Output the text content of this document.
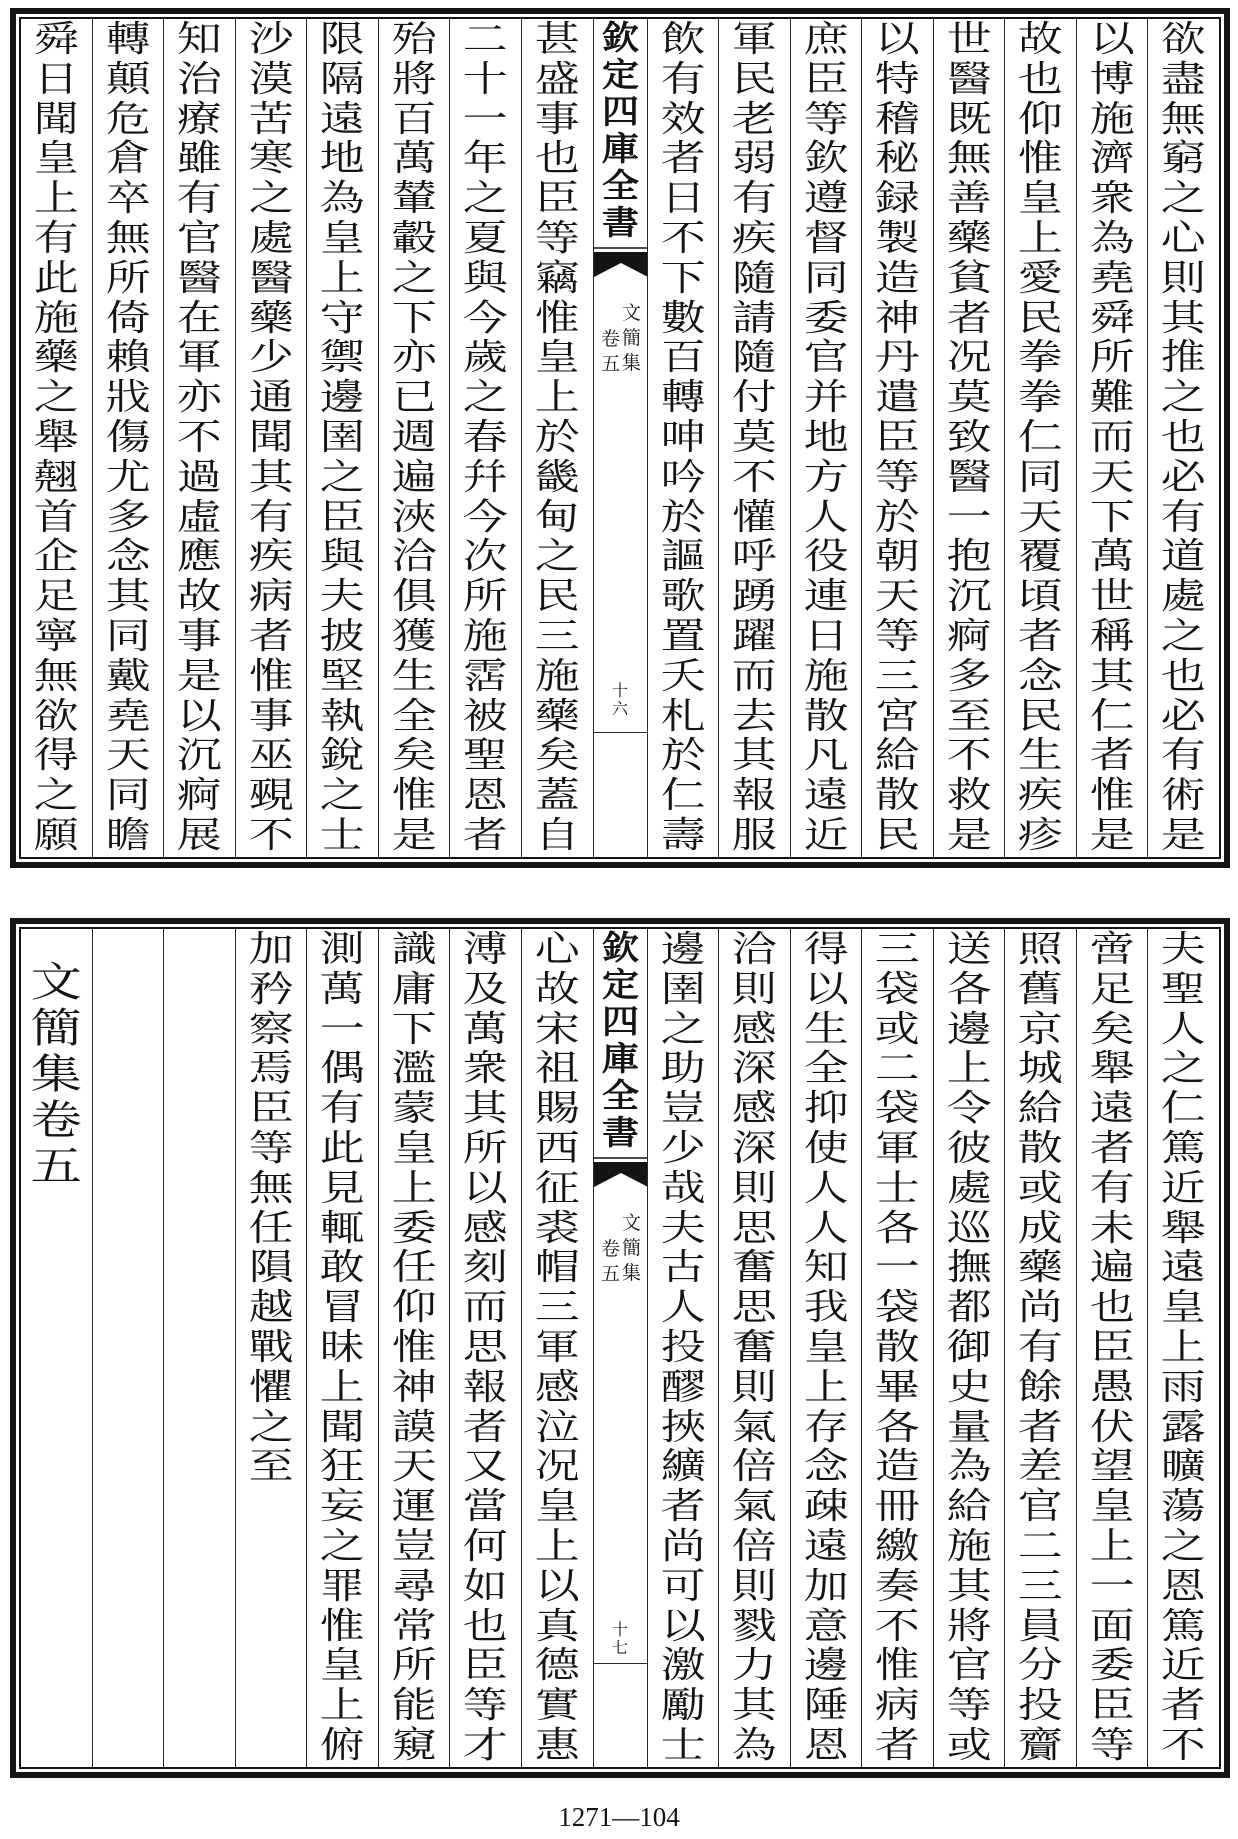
欲
盡
無
窮
之
心
則
其
推
之
也
必
有
道
處
之
也
必
有
術
是
以
博
施
濟
衆
為
堯
舜
所
難
而
天
下
萬
世
稱
其
仁
者
惟
是
故
也
仰
惟
皇
上
愛
民
拳
拳
仁
同
天
覆
頃
者
念
民
生
疾
疹
世
醫
既
無
善
藥
貧
者
况
莫
致
醫
一
抱
沉
痾
多
至
不
救
是
以
特
稽
秘
録
製
造
神
丹
遣
臣
等
於
朝
天
等
三
宮
給
散
民
庶
臣
等
欽
遵
督
同
委
官
并
地
方
人
役
連
日
施
散
凡
遠
近
軍
民
老
弱
有
疾
隨
請
隨
付
莫
不
懽
呼
踴
躍
而
去
其
報
服
飲
有
效
者
日
不
下
數
百
轉
呻
吟
於
謳
歌
置
夭
札
於
仁
壽
欽
定
四
庫
全
書
文
簡
集
卷
五
十
六
甚
盛
事
也
臣
等
竊
惟
皇
上
於
畿
甸
之
民
三
施
藥
矣
蓋
自
二
十
一
年
之
夏
與
今
歲
之
春
幷
今
次
所
施
霑
被
聖
恩
者
殆
將
百
萬
輦
轂
之
下
亦
已
週
遍
浹
洽
俱
獲
生
全
矣
惟
是
限
隔
遠
地
為
皇
上
守
禦
邊
圉
之
臣
與
夫
披
堅
執
銳
之
士
沙
漠
苦
寒
之
處
醫
藥
少
通
聞
其
有
疾
病
者
惟
事
巫
覡
不
知
治
療
雖
有
官
醫
在
軍
亦
不
過
虛
應
故
事
是
以
沉
痾
展
轉
顛
危
倉
卒
無
所
倚
賴
戕
傷
尤
多
念
其
同
戴
堯
天
同
瞻
舜
日
聞
皇
上
有
此
施
藥
之
舉
翹
首
企
足
寧
無
欲
得
之
願
夫
聖
人
之
仁
篤
近
舉
遠
皇
上
雨
露
曠
蕩
之
恩
篤
近
者
不
啻
足
矣
舉
遠
者
有
未
遍
也
臣
愚
伏
望
皇
上
一
面
委
臣
等
照
舊
京
城
給
散
或
成
藥
尚
有
餘
者
差
官
二
三
員
分
投
齎
送
各
邊
上
令
彼
處
巡
撫
都
御
史
量
為
給
施
其
將
官
等
或
三
袋
或
二
袋
軍
士
各
一
袋
散
畢
各
造
冊
繳
奏
不
惟
病
者
得
以
生
全
抑
使
人
人
知
我
皇
上
存
念
疎
遠
加
意
邊
陲
恩
洽
則
感
深
感
深
則
思
奮
思
奮
則
氣
倍
氣
倍
則
戮
力
其
為
邊
圉
之
助
豈
少
哉
夫
古
人
投
醪
挾
纊
者
尚
可
以
激
勵
士
欽
定
四
庫
全
書
文
簡
集
卷
五
十
七
心
故
宋
祖
賜
西
征
裘
帽
三
軍
感
泣
况
皇
上
以
真
德
實
惠
溥
及
萬
衆
其
所
以
感
刻
而
思
報
者
又
當
何
如
也
臣
等
才
識
庸
下
濫
蒙
皇
上
委
任
仰
惟
神
謨
天
運
豈
尋
常
所
能
窺
測
萬
一
偶
有
此
見
輒
敢
冒
昧
上
聞
狂
妄
之
罪
惟
皇
上
俯
加
矜
察
焉
臣
等
無
任
隕
越
戰
懼
之
至
文
簡
集
卷
五
1271—104
